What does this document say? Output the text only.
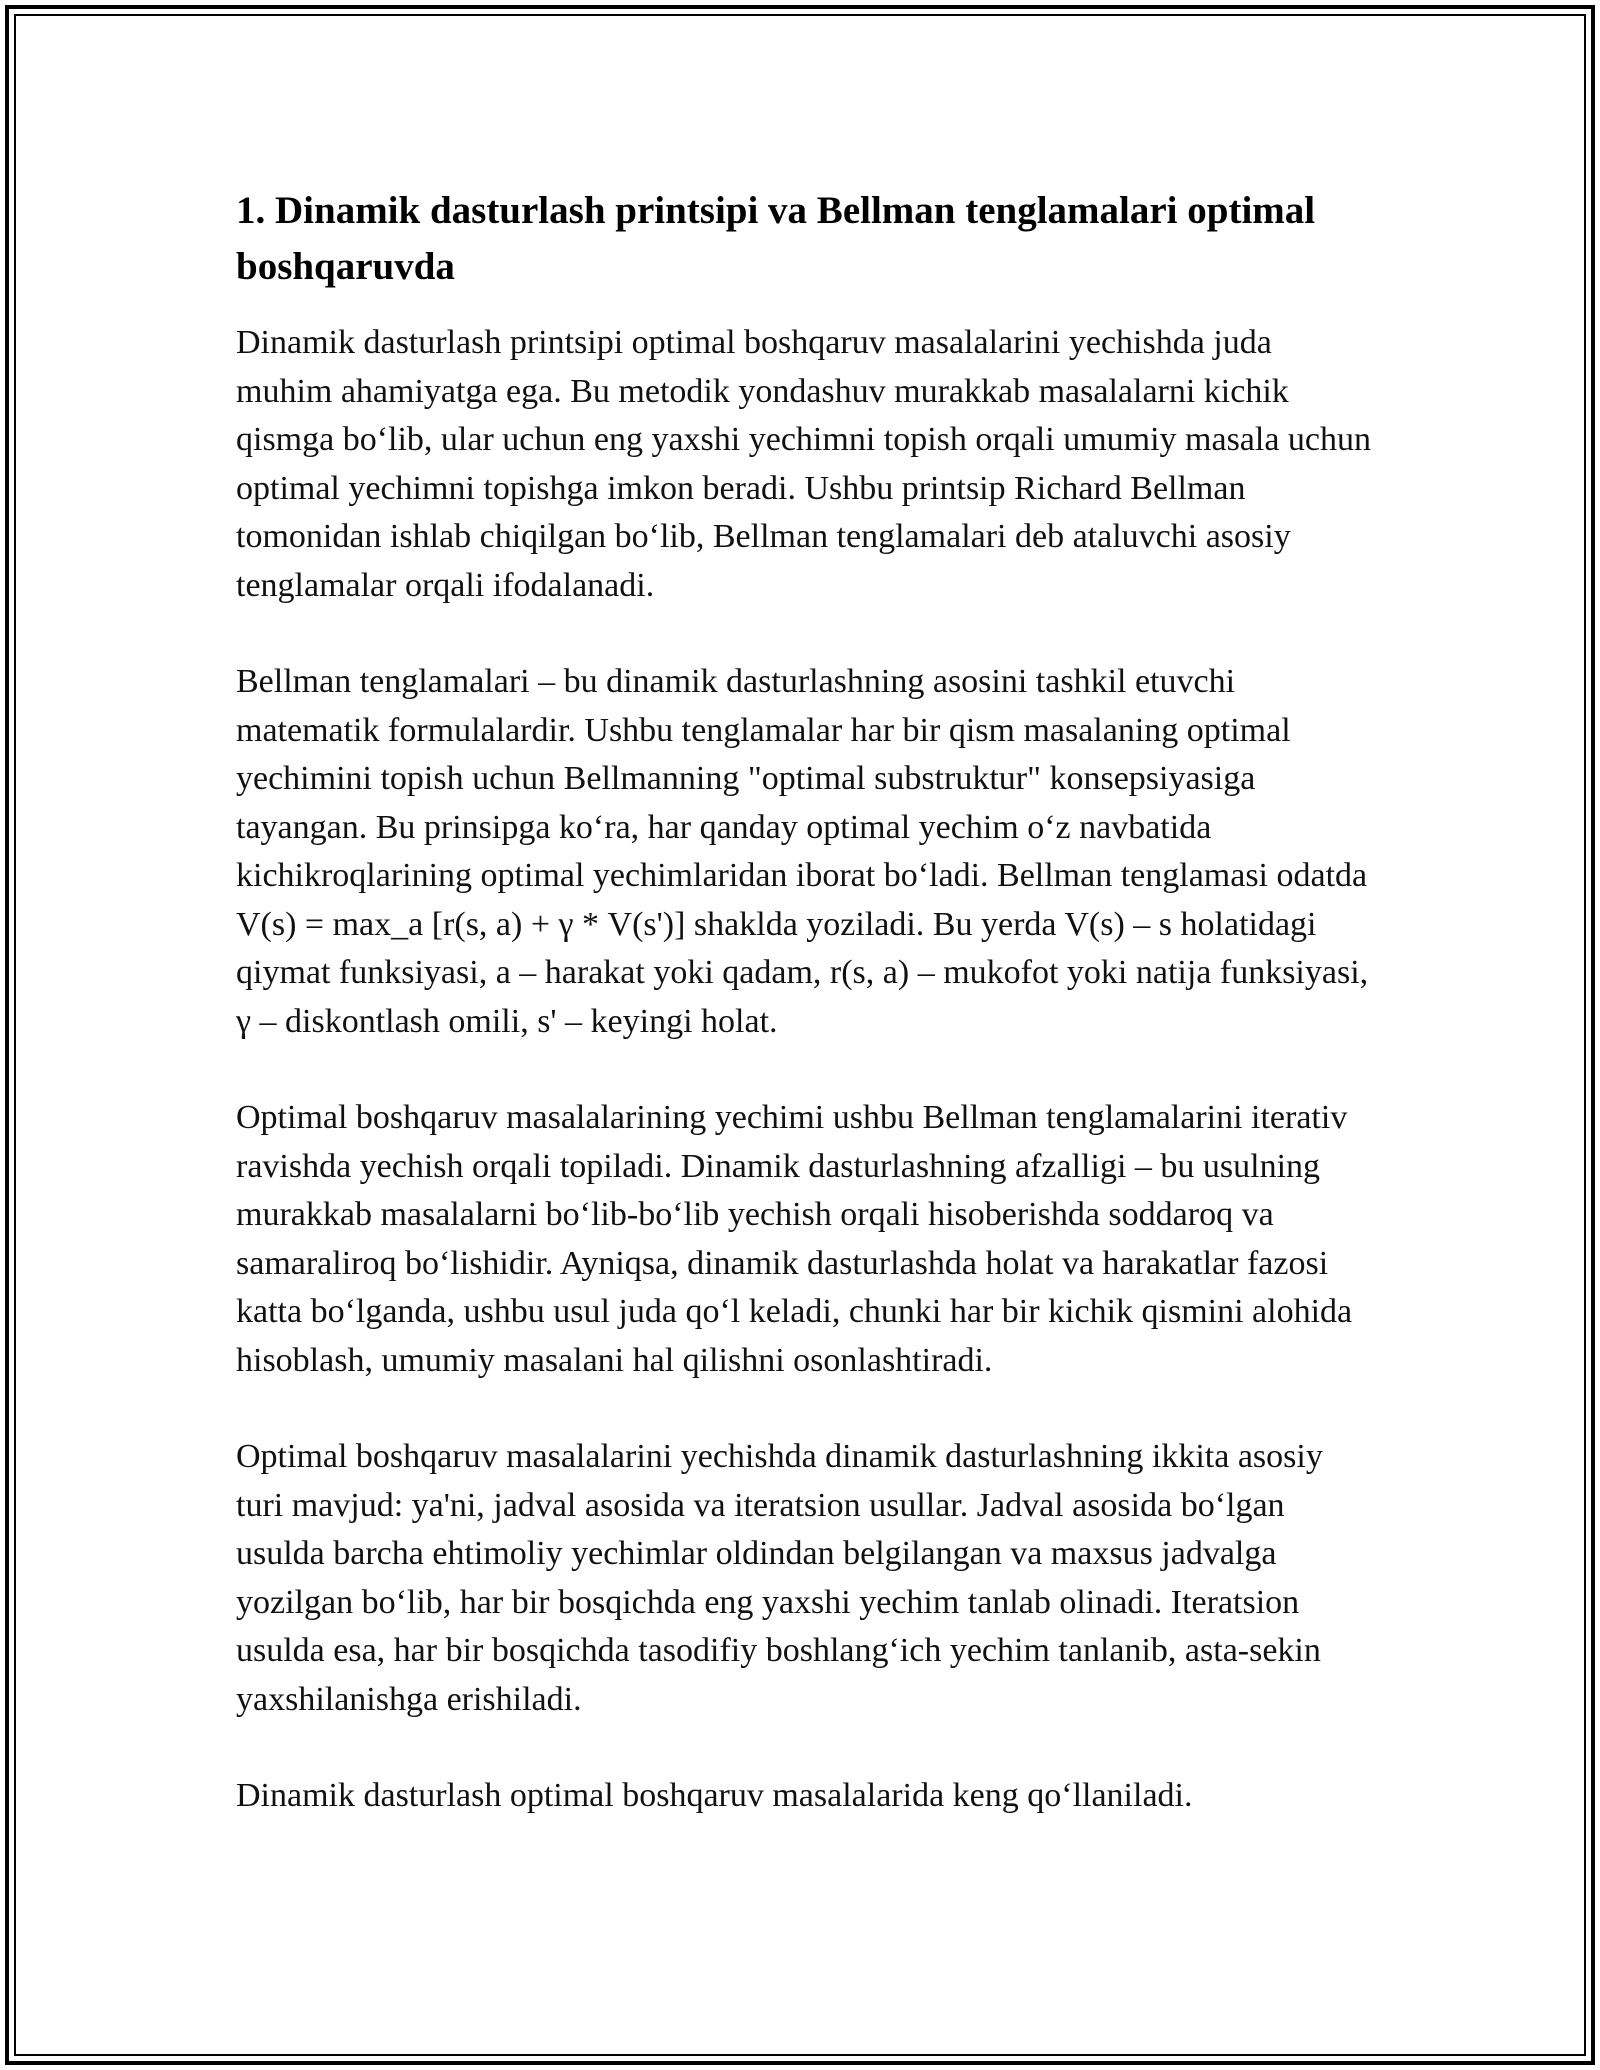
1. Dinamik dasturlash printsipi va Bellman tenglamalari optimal boshqaruvda

Dinamik dasturlash printsipi optimal boshqaruv masalalarini yechishda juda muhim ahamiyatga ega. Bu metodik yondashuv murakkab masalalarni kichik qismga bo‘lib, ular uchun eng yaxshi yechimni topish orqali umumiy masala uchun optimal yechimni topishga imkon beradi. Ushbu printsip Richard Bellman tomonidan ishlab chiqilgan bo‘lib, Bellman tenglamalari deb ataluvchi asosiy tenglamalar orqali ifodalanadi.

Bellman tenglamalari – bu dinamik dasturlashning asosini tashkil etuvchi matematik formulalardir. Ushbu tenglamalar har bir qism masalaning optimal yechimini topish uchun Bellmanning "optimal substruktur" konsepsiyasiga tayangan. Bu prinsipga ko‘ra, har qanday optimal yechim o‘z navbatida kichikroqlarining optimal yechimlaridan iborat bo‘ladi. Bellman tenglamasi odatda V(s) = max_a [r(s, a) + γ * V(s')] shaklda yoziladi. Bu yerda V(s) – s holatidagi qiymat funksiyasi, a – harakat yoki qadam, r(s, a) – mukofot yoki natija funksiyasi, γ – diskontlash omili, s' – keyingi holat.

Optimal boshqaruv masalalarining yechimi ushbu Bellman tenglamalarini iterativ ravishda yechish orqali topiladi. Dinamik dasturlashning afzalligi – bu usulning murakkab masalalarni bo‘lib-bo‘lib yechish orqali hisoberishda soddaroq va samaraliroq bo‘lishidir. Ayniqsa, dinamik dasturlashda holat va harakatlar fazosi katta bo‘lganda, ushbu usul juda qo‘l keladi, chunki har bir kichik qismini alohida hisoblash, umumiy masalani hal qilishni osonlashtiradi.

Optimal boshqaruv masalalarini yechishda dinamik dasturlashning ikkita asosiy turi mavjud: ya'ni, jadval asosida va iteratsion usullar. Jadval asosida bo‘lgan usulda barcha ehtimoliy yechimlar oldindan belgilangan va maxsus jadvalga yozilgan bo‘lib, har bir bosqichda eng yaxshi yechim tanlab olinadi. Iteratsion usulda esa, har bir bosqichda tasodifiy boshlang‘ich yechim tanlanib, asta-sekin yaxshilanishga erishiladi.

Dinamik dasturlash optimal boshqaruv masalalarida keng qo‘llaniladi.
